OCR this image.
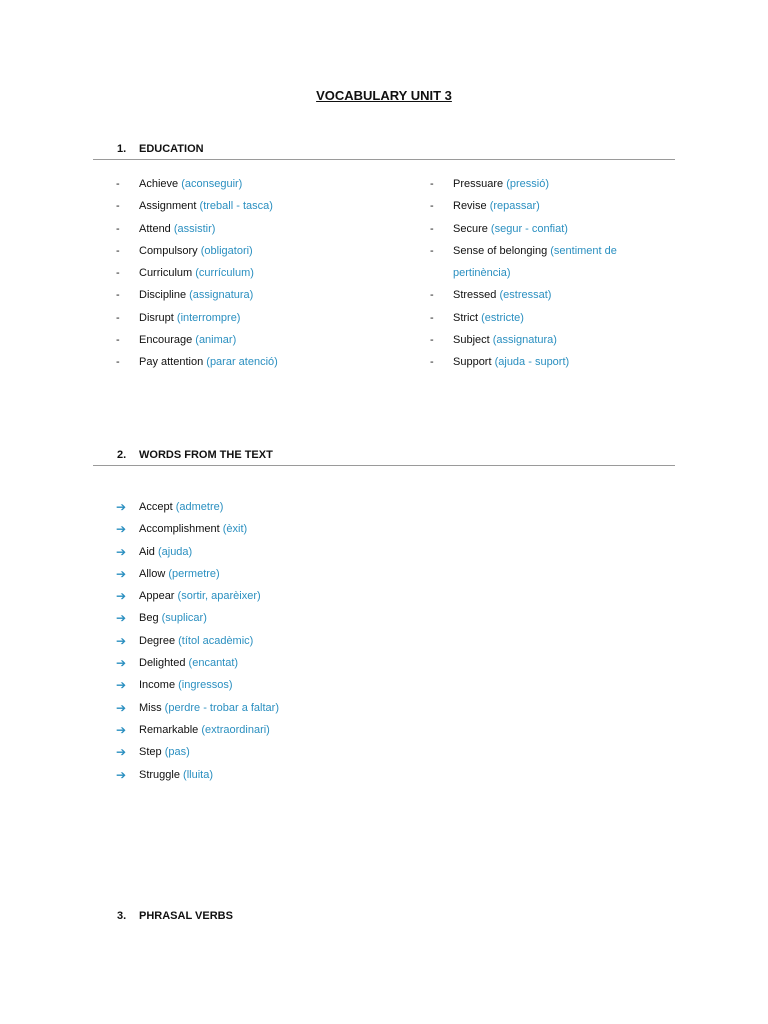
VOCABULARY UNIT 3
1. EDUCATION
-	Achieve (aconseguir)
-	Assignment (treball - tasca)
-	Attend (assistir)
-	Compulsory (obligatori)
-	Curriculum (currículum)
-	Discipline (assignatura)
-	Disrupt (interrompre)
-	Encourage (animar)
-	Pay attention (parar atenció)
-	Pressuare (pressió)
-	Revise (repassar)
-	Secure (segur - confiat)
-	Sense of belonging (sentiment de
pertinència)
-	Stressed (estressat)
-	Strict (estricte)
-	Subject (assignatura)
-	Support (ajuda - suport)
2. WORDS FROM THE TEXT
➔ Accept (admetre)
➔ Accomplishment (èxit)
➔ Aid (ajuda)
➔ Allow (permetre)
➔ Appear (sortir, aparèixer)
➔ Beg (suplicar)
➔ Degree (títol acadèmic)
➔ Delighted (encantat)
➔ Income (ingressos)
➔ Miss (perdre - trobar a faltar)
➔ Remarkable (extraordinari)
➔ Step (pas)
➔ Struggle (lluita)
3. PHRASAL VERBS
